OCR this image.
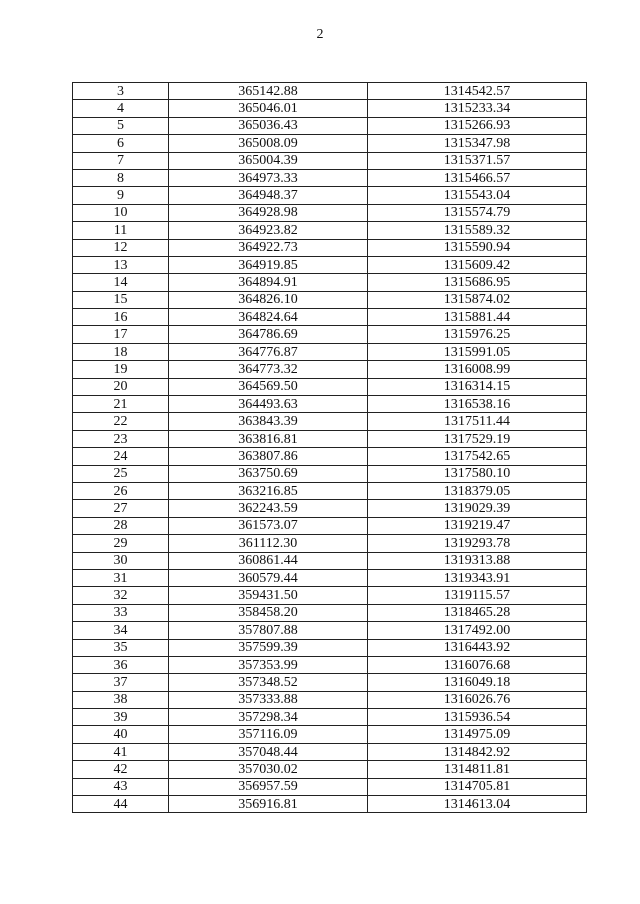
2
3	365142.88	1314542.57
4	365046.01	1315233.34
5	365036.43	1315266.93
6	365008.09	1315347.98
7	365004.39	1315371.57
8	364973.33	1315466.57
9	364948.37	1315543.04
10	364928.98	1315574.79
11	364923.82	1315589.32
12	364922.73	1315590.94
13	364919.85	1315609.42
14	364894.91	1315686.95
15	364826.10	1315874.02
16	364824.64	1315881.44
17	364786.69	1315976.25
18	364776.87	1315991.05
19	364773.32	1316008.99
20	364569.50	1316314.15
21	364493.63	1316538.16
22	363843.39	1317511.44
23	363816.81	1317529.19
24	363807.86	1317542.65
25	363750.69	1317580.10
26	363216.85	1318379.05
27	362243.59	1319029.39
28	361573.07	1319219.47
29	361112.30	1319293.78
30	360861.44	1319313.88
31	360579.44	1319343.91
32	359431.50	1319115.57
33	358458.20	1318465.28
34	357807.88	1317492.00
35	357599.39	1316443.92
36	357353.99	1316076.68
37	357348.52	1316049.18
38	357333.88	1316026.76
39	357298.34	1315936.54
40	357116.09	1314975.09
41	357048.44	1314842.92
42	357030.02	1314811.81
43	356957.59	1314705.81
44	356916.81	1314613.04
